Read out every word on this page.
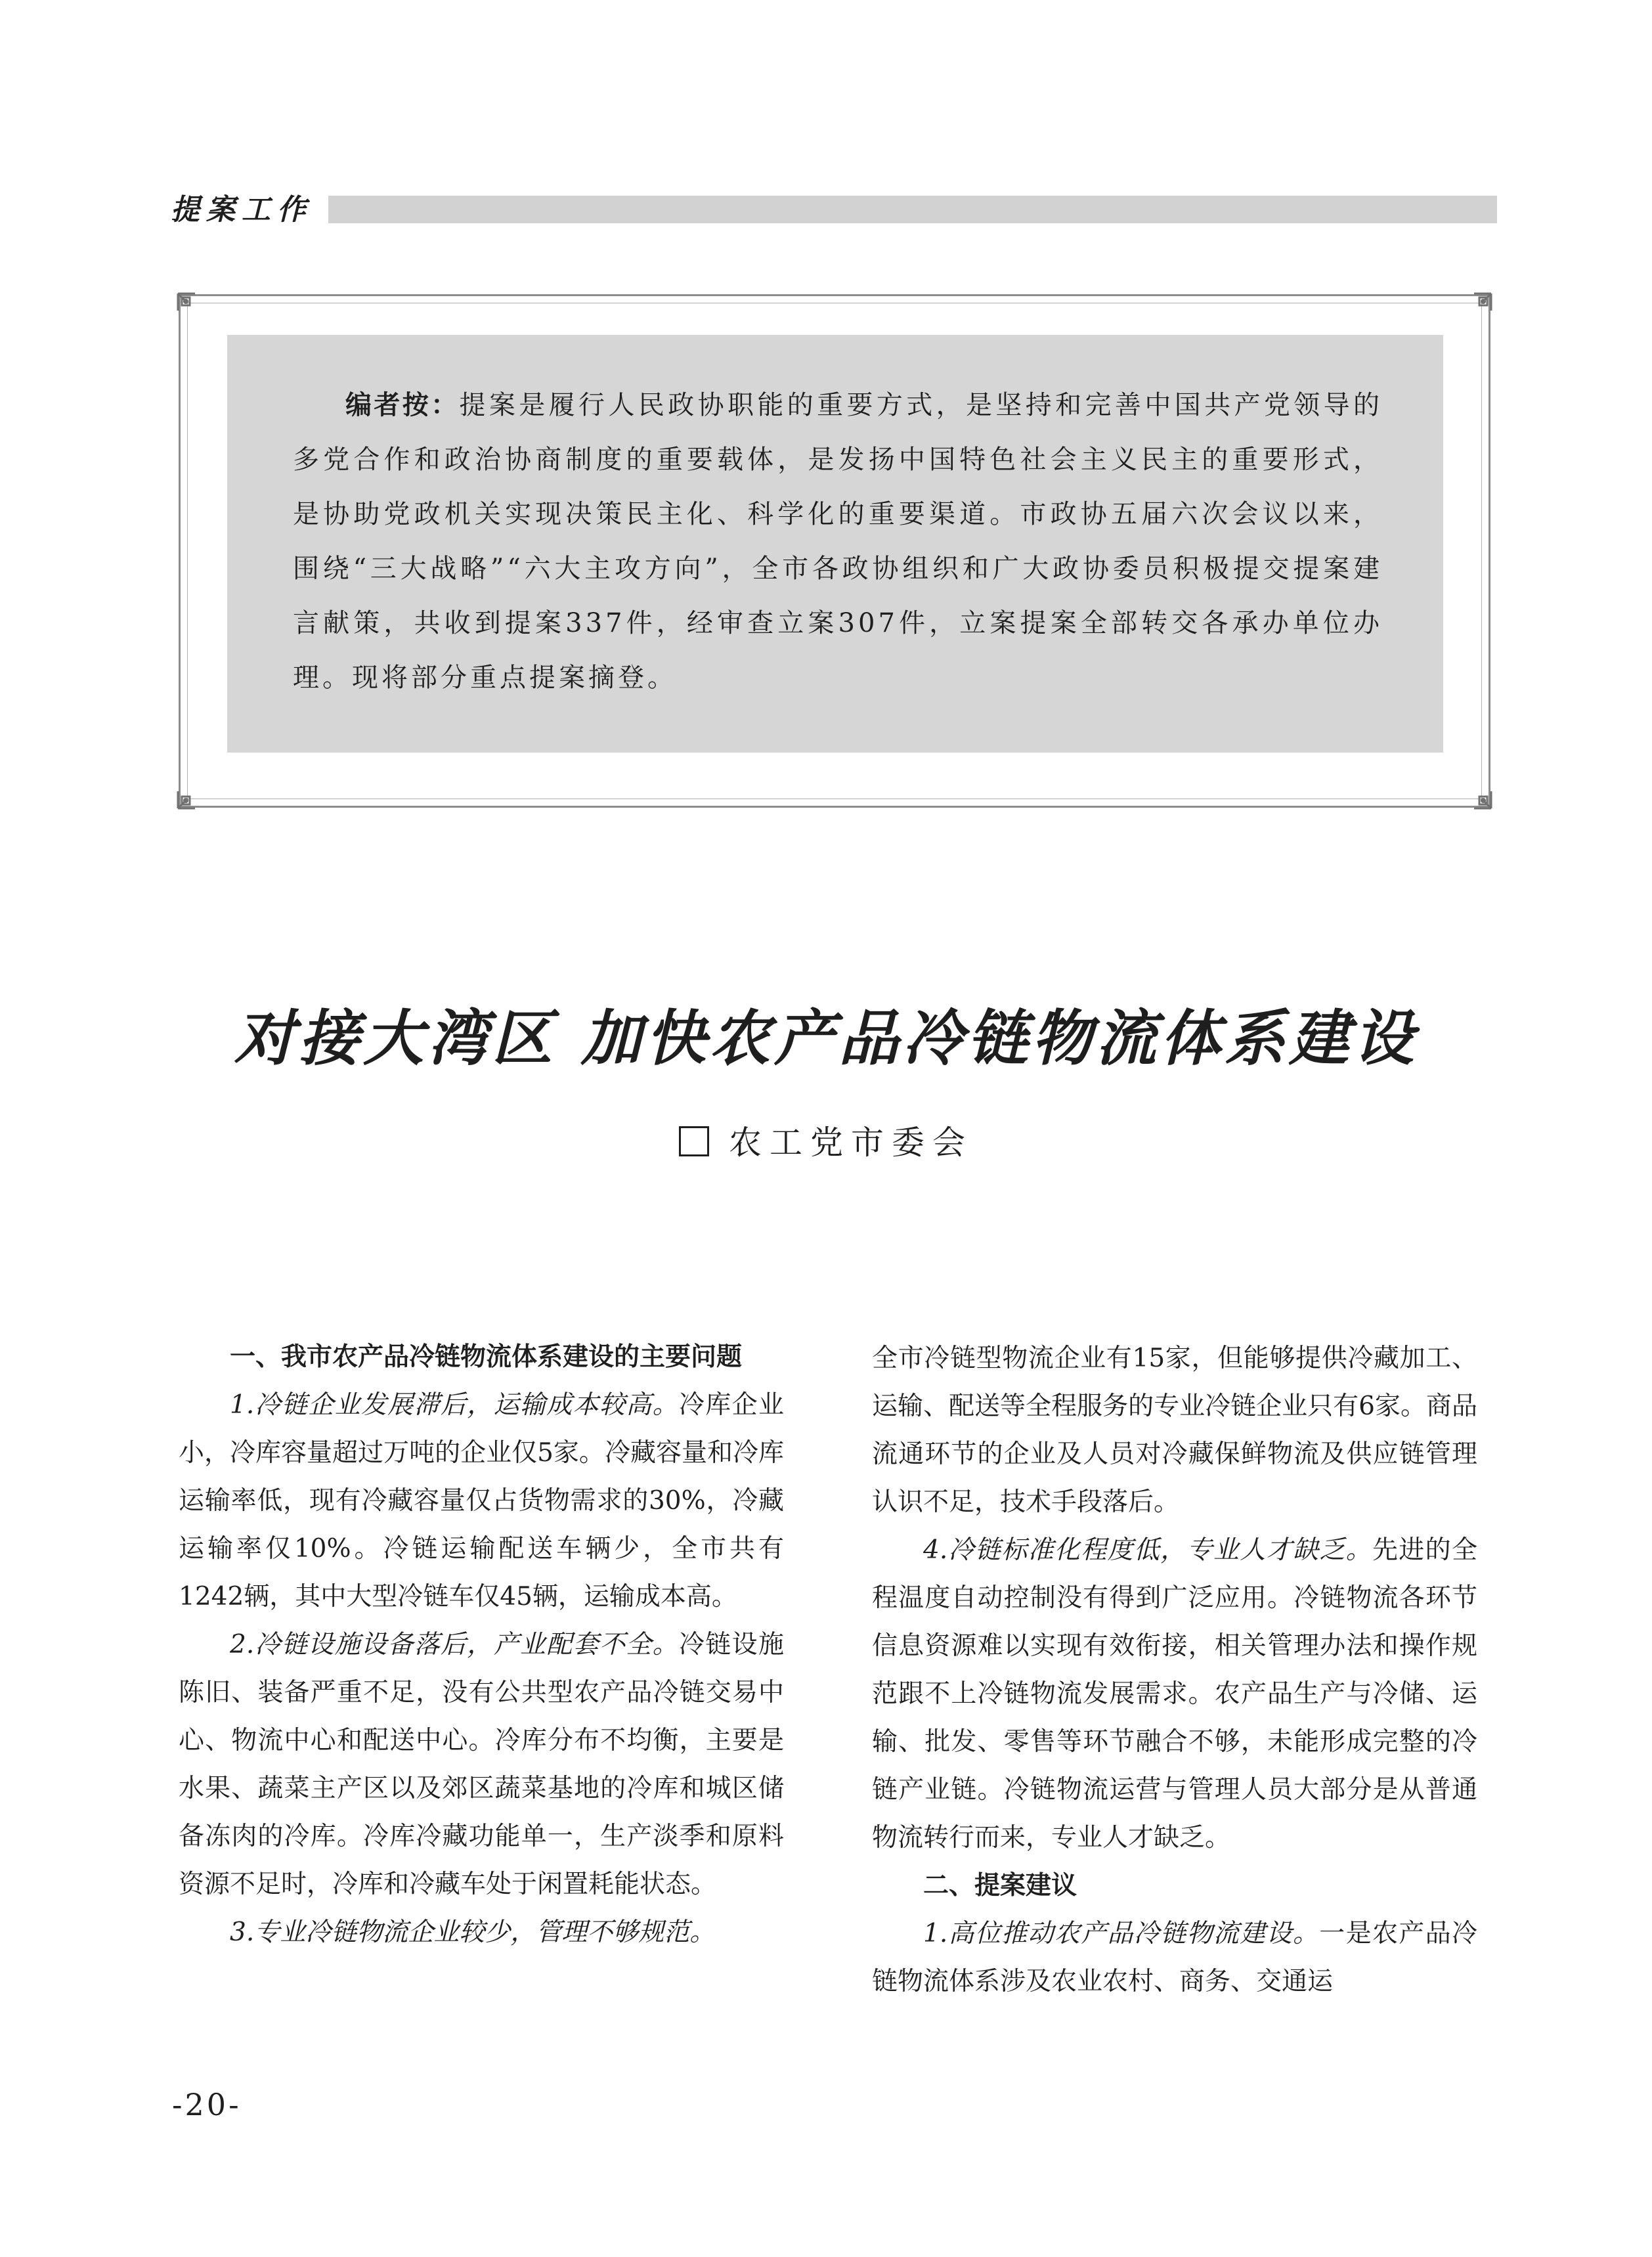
提案工作
编者按：提案是履行人民政协职能的重要方式，是坚持和完善中国共产党领导的多党合作和政治协商制度的重要载体，是发扬中国特色社会主义民主的重要形式，是协助党政机关实现决策民主化、科学化的重要渠道。市政协五届六次会议以来，围绕“三大战略”“六大主攻方向”，全市各政协组织和广大政协委员积极提交提案建言献策，共收到提案337件，经审查立案307件，立案提案全部转交各承办单位办理。现将部分重点提案摘登。
对接大湾区 加快农产品冷链物流体系建设
农工党市委会

一、我市农产品冷链物流体系建设的主要问题

1.冷链企业发展滞后，运输成本较高。冷库企业小，冷库容量超过万吨的企业仅5家。冷藏容量和冷库运输率低，现有冷藏容量仅占货物需求的30%，冷藏运输率仅10%。冷链运输配送车辆少，全市共有1242辆，其中大型冷链车仅45辆，运输成本高。

2.冷链设施设备落后，产业配套不全。冷链设施陈旧、装备严重不足，没有公共型农产品冷链交易中心、物流中心和配送中心。冷库分布不均衡，主要是水果、蔬菜主产区以及郊区蔬菜基地的冷库和城区储备冻肉的冷库。冷库冷藏功能单一，生产淡季和原料资源不足时，冷库和冷藏车处于闲置耗能状态。

3.专业冷链物流企业较少，管理不够规范。

全市冷链型物流企业有15家，但能够提供冷藏加工、运输、配送等全程服务的专业冷链企业只有6家。商品流通环节的企业及人员对冷藏保鲜物流及供应链管理认识不足，技术手段落后。

4.冷链标准化程度低，专业人才缺乏。先进的全程温度自动控制没有得到广泛应用。冷链物流各环节信息资源难以实现有效衔接，相关管理办法和操作规范跟不上冷链物流发展需求。农产品生产与冷储、运输、批发、零售等环节融合不够，未能形成完整的冷链产业链。冷链物流运营与管理人员大部分是从普通物流转行而来，专业人才缺乏。

二、提案建议

1.高位推动农产品冷链物流建设。一是农产品冷链物流体系涉及农业农村、商务、交通运

-20-
